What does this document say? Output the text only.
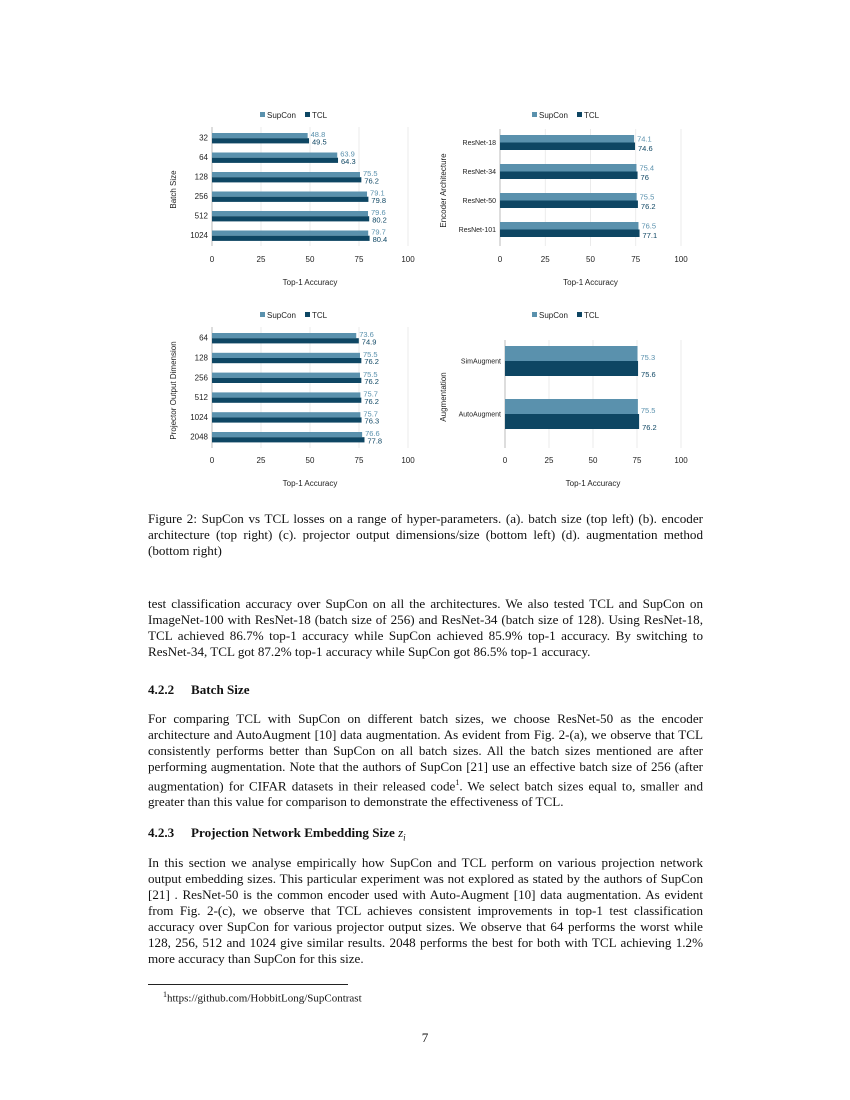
0	25	50	75	100
32	48.8
49.5
64	63.9
64.3
128	75.5
76.2
256	79.1
79.8
512	79.6
80.2
1024	79.7
80.4
SupCon TCL
Top-1 Accuracy
Batch Size
0	25	50	75	100
ResNet-18	74.1
74.6
ResNet-34	75.4
76
ResNet-50	75.5
76.2
ResNet-101	76.5
77.1
SupCon TCL
Top-1 Accuracy
Encoder Architecture
0	25	50	75	100
64	73.6
74.9
128	75.5
76.2
256	75.5
76.2
512	75.7
76.2
1024	75.7
76.3
2048	76.6
77.8
SupCon TCL
Top-1 Accuracy
Projector Output Dimension
0	25	50	75	100
SimAugment	75.3
75.6
AutoAugment	75.5
76.2
SupCon TCL
Top-1 Accuracy
Augmentation

Figure 2: SupCon vs TCL losses on a range of hyper-parameters. (a). batch size (top left) (b). encoder architecture (top right) (c). projector output dimensions/size (bottom left) (d). augmentation method (bottom right)

test classification accuracy over SupCon on all the architectures. We also tested TCL and SupCon on ImageNet-100 with ResNet-18 (batch size of 256) and ResNet-34 (batch size of 128). Using ResNet-18, TCL achieved 86.7% top-1 accuracy while SupCon achieved 85.9% top-1 accuracy. By switching to ResNet-34, TCL got 87.2% top-1 accuracy while SupCon got 86.5% top-1 accuracy.

4.2.2 Batch Size

For comparing TCL with SupCon on different batch sizes, we choose ResNet-50 as the encoder architecture and AutoAugment [10] data augmentation. As evident from Fig. 2-(a), we observe that TCL consistently performs better than SupCon on all batch sizes. All the batch sizes mentioned are after performing augmentation. Note that the authors of SupCon [21] use an effective batch size of 256 (after augmentation) for CIFAR datasets in their released code$^1$. We select batch sizes equal to, smaller and greater than this value for comparison to demonstrate the effectiveness of TCL.

4.2.3 Projection Network Embedding Size $z_i$

In this section we analyse empirically how SupCon and TCL perform on various projection network output embedding sizes. This particular experiment was not explored as stated by the authors of SupCon [21] . ResNet-50 is the common encoder used with Auto-Augment [10] data augmentation. As evident from Fig. 2-(c), we observe that TCL achieves consistent improvements in top-1 test classification accuracy over SupCon for various projector output sizes. We observe that 64 performs the worst while 128, 256, 512 and 1024 give similar results. 2048 performs the best for both with TCL achieving 1.2% more accuracy than SupCon for this size.

$^1$https://github.com/HobbitLong/SupContrast

7
